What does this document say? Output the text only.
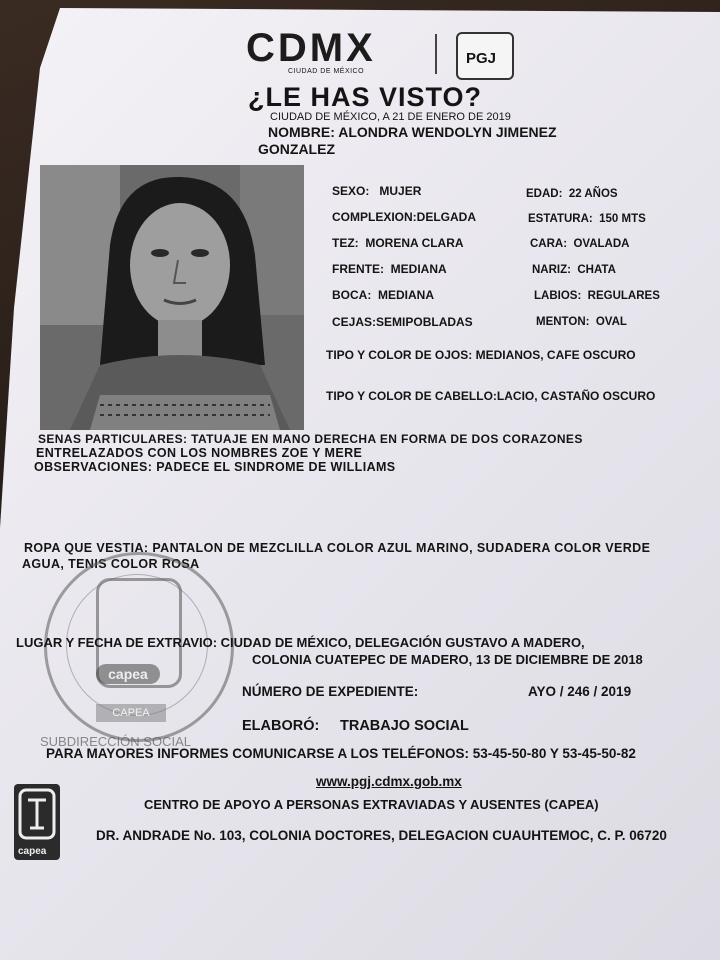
CDMX
CIUDAD DE MÉXICO
PGJ
¿LE HAS VISTO?
CIUDAD DE MÉXICO, A 21 DE ENERO DE 2019
NOMBRE: ALONDRA WENDOLYN JIMENEZ
GONZALEZ
SEXO: MUJER
COMPLEXION:DELGADA
TEZ: MORENA CLARA
FRENTE: MEDIANA
BOCA: MEDIANA
CEJAS:SEMIPOBLADAS
EDAD: 22 AÑOS
ESTATURA: 150 MTS
CARA: OVALADA
NARIZ: CHATA
LABIOS: REGULARES
MENTON: OVAL
TIPO Y COLOR DE OJOS: MEDIANOS, CAFE OSCURO
TIPO Y COLOR DE CABELLO:LACIO, CASTAÑO OSCURO
SENAS PARTICULARES: TATUAJE EN MANO DERECHA EN FORMA DE DOS CORAZONES
ENTRELAZADOS CON LOS NOMBRES ZOE Y MERE
OBSERVACIONES: PADECE EL SINDROME DE WILLIAMS
ROPA QUE VESTIA: PANTALON DE MEZCLILLA COLOR AZUL MARINO, SUDADERA COLOR VERDE
AGUA, TENIS COLOR ROSA
capea
CAPEA
SUBDIRECCIÓN SOCIAL
LUGAR Y FECHA DE EXTRAVIO: CIUDAD DE MÉXICO, DELEGACIÓN GUSTAVO A MADERO,
COLONIA CUATEPEC DE MADERO, 13 DE DICIEMBRE DE 2018
NÚMERO DE EXPEDIENTE:	AYO / 246 / 2019
ELABORÓ: TRABAJO SOCIAL
PARA MAYORES INFORMES COMUNICARSE A LOS TELÉFONOS: 53-45-50-80 Y 53-45-50-82
www.pgj.cdmx.gob.mx
CENTRO DE APOYO A PERSONAS EXTRAVIADAS Y AUSENTES (CAPEA)
DR. ANDRADE No. 103, COLONIA DOCTORES, DELEGACION CUAUHTEMOC, C. P. 06720
capea
